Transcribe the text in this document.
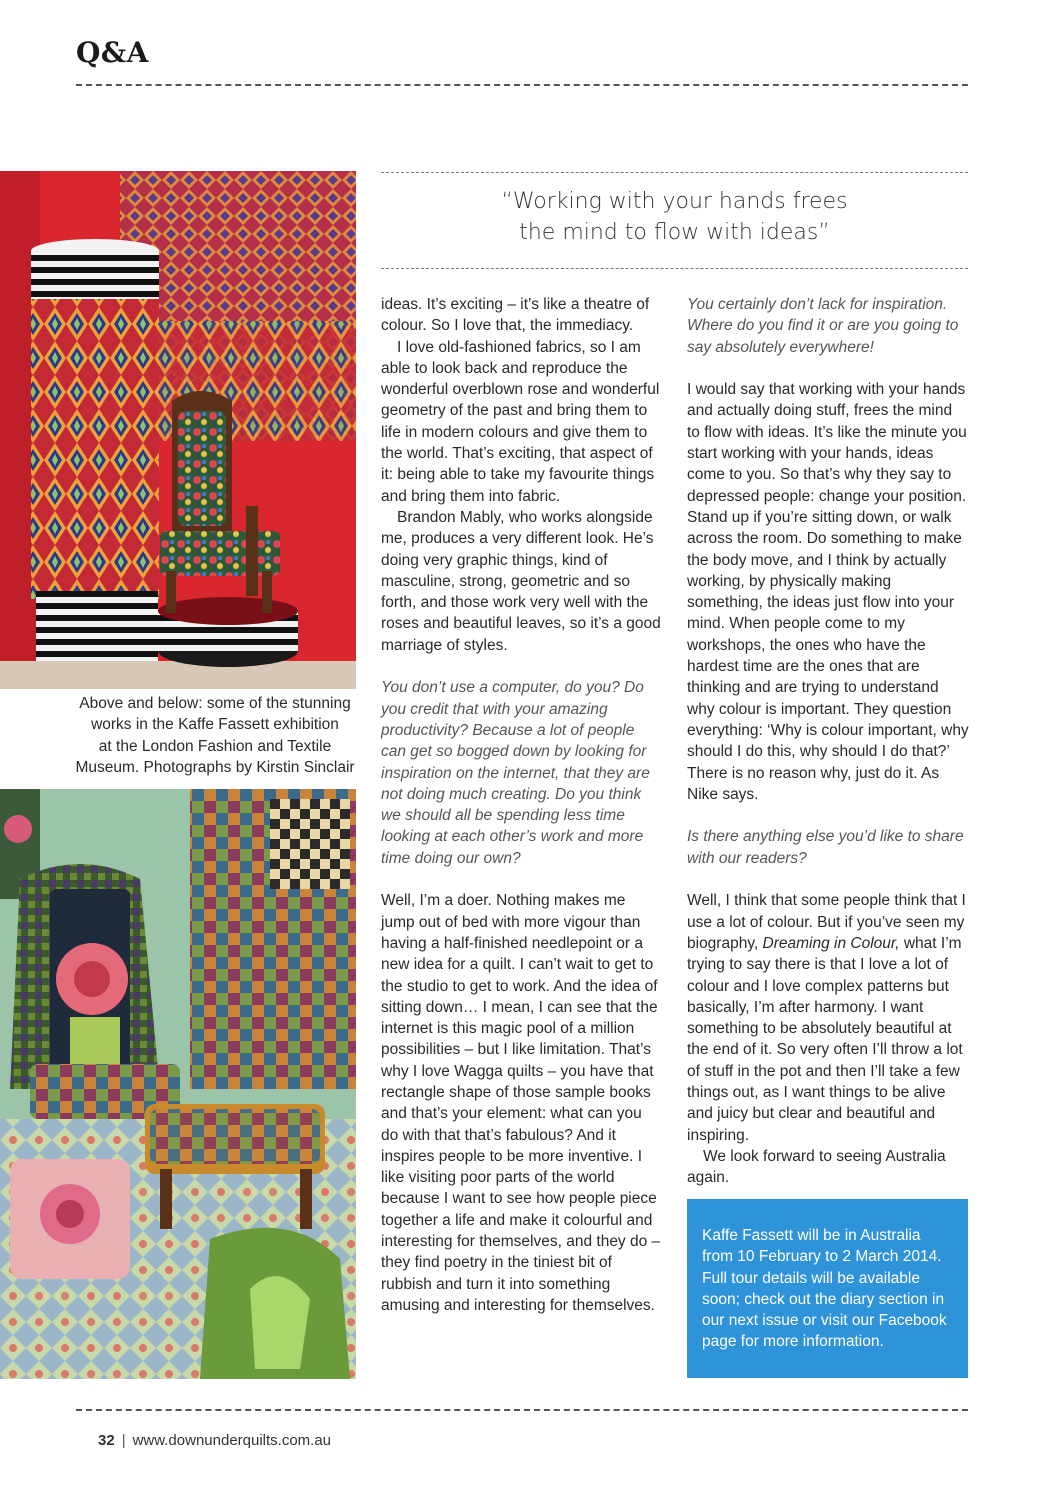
Q&A
Above and below: some of the stunning
works in the Kaffe Fassett exhibition
at the London Fashion and Textile
Museum. Photographs by Kirstin Sinclair
“Working with your hands frees
the mind to flow with ideas”

ideas. It’s exciting – it’s like a theatre of colour. So I love that, the immediacy.

I love old-fashioned fabrics, so I am able to look back and reproduce the wonderful overblown rose and wonderful geometry of the past and bring them to life in modern colours and give them to the world. That’s exciting, that aspect of it: being able to take my favourite things and bring them into fabric.

Brandon Mably, who works alongside me, produces a very different look. He’s doing very graphic things, kind of masculine, strong, geometric and so forth, and those work very well with the roses and beautiful leaves, so it’s a good marriage of styles.

You don’t use a computer, do you? Do you credit that with your amazing productivity? Because a lot of people can get so bogged down by looking for inspiration on the internet, that they are not doing much creating. Do you think we should all be spending less time looking at each other’s work and more time doing our own?

Well, I’m a doer. Nothing makes me jump out of bed with more vigour than having a half-finished needlepoint or a new idea for a quilt. I can’t wait to get to the studio to get to work. And the idea of sitting down… I mean, I can see that the internet is this magic pool of a million possibilities – but I like limitation. That’s why I love Wagga quilts – you have that rectangle shape of those sample books and that’s your element: what can you do with that that’s fabulous? And it inspires people to be more inventive. I like visiting poor parts of the world because I want to see how people piece together a life and make it colourful and interesting for themselves, and they do – they find poetry in the tiniest bit of rubbish and turn it into something amusing and interesting for themselves.

You certainly don’t lack for inspiration. Where do you find it or are you going to say absolutely everywhere!

I would say that working with your hands and actually doing stuff, frees the mind to flow with ideas. It’s like the minute you start working with your hands, ideas come to you. So that’s why they say to depressed people: change your position. Stand up if you’re sitting down, or walk across the room. Do something to make the body move, and I think by actually working, by physically making something, the ideas just flow into your mind. When people come to my workshops, the ones who have the hardest time are the ones that are thinking and are trying to understand why colour is important. They question everything: ‘Why is colour important, why should I do this, why should I do that?’ There is no reason why, just do it. As Nike says.

Is there anything else you’d like to share with our readers?

Well, I think that some people think that I use a lot of colour. But if you’ve seen my biography, Dreaming in Colour, what I’m trying to say there is that I love a lot of colour and I love complex patterns but basically, I’m after harmony. I want something to be absolutely beautiful at the end of it. So very often I’ll throw a lot of stuff in the pot and then I’ll take a few things out, as I want things to be alive and juicy but clear and beautiful and inspiring.

We look forward to seeing Australia again.

Kaffe Fassett will be in Australia from 10 February to 2 March 2014. Full tour details will be available soon; check out the diary section in our next issue or visit our Facebook page for more information.
32 | www.downunderquilts.com.au
